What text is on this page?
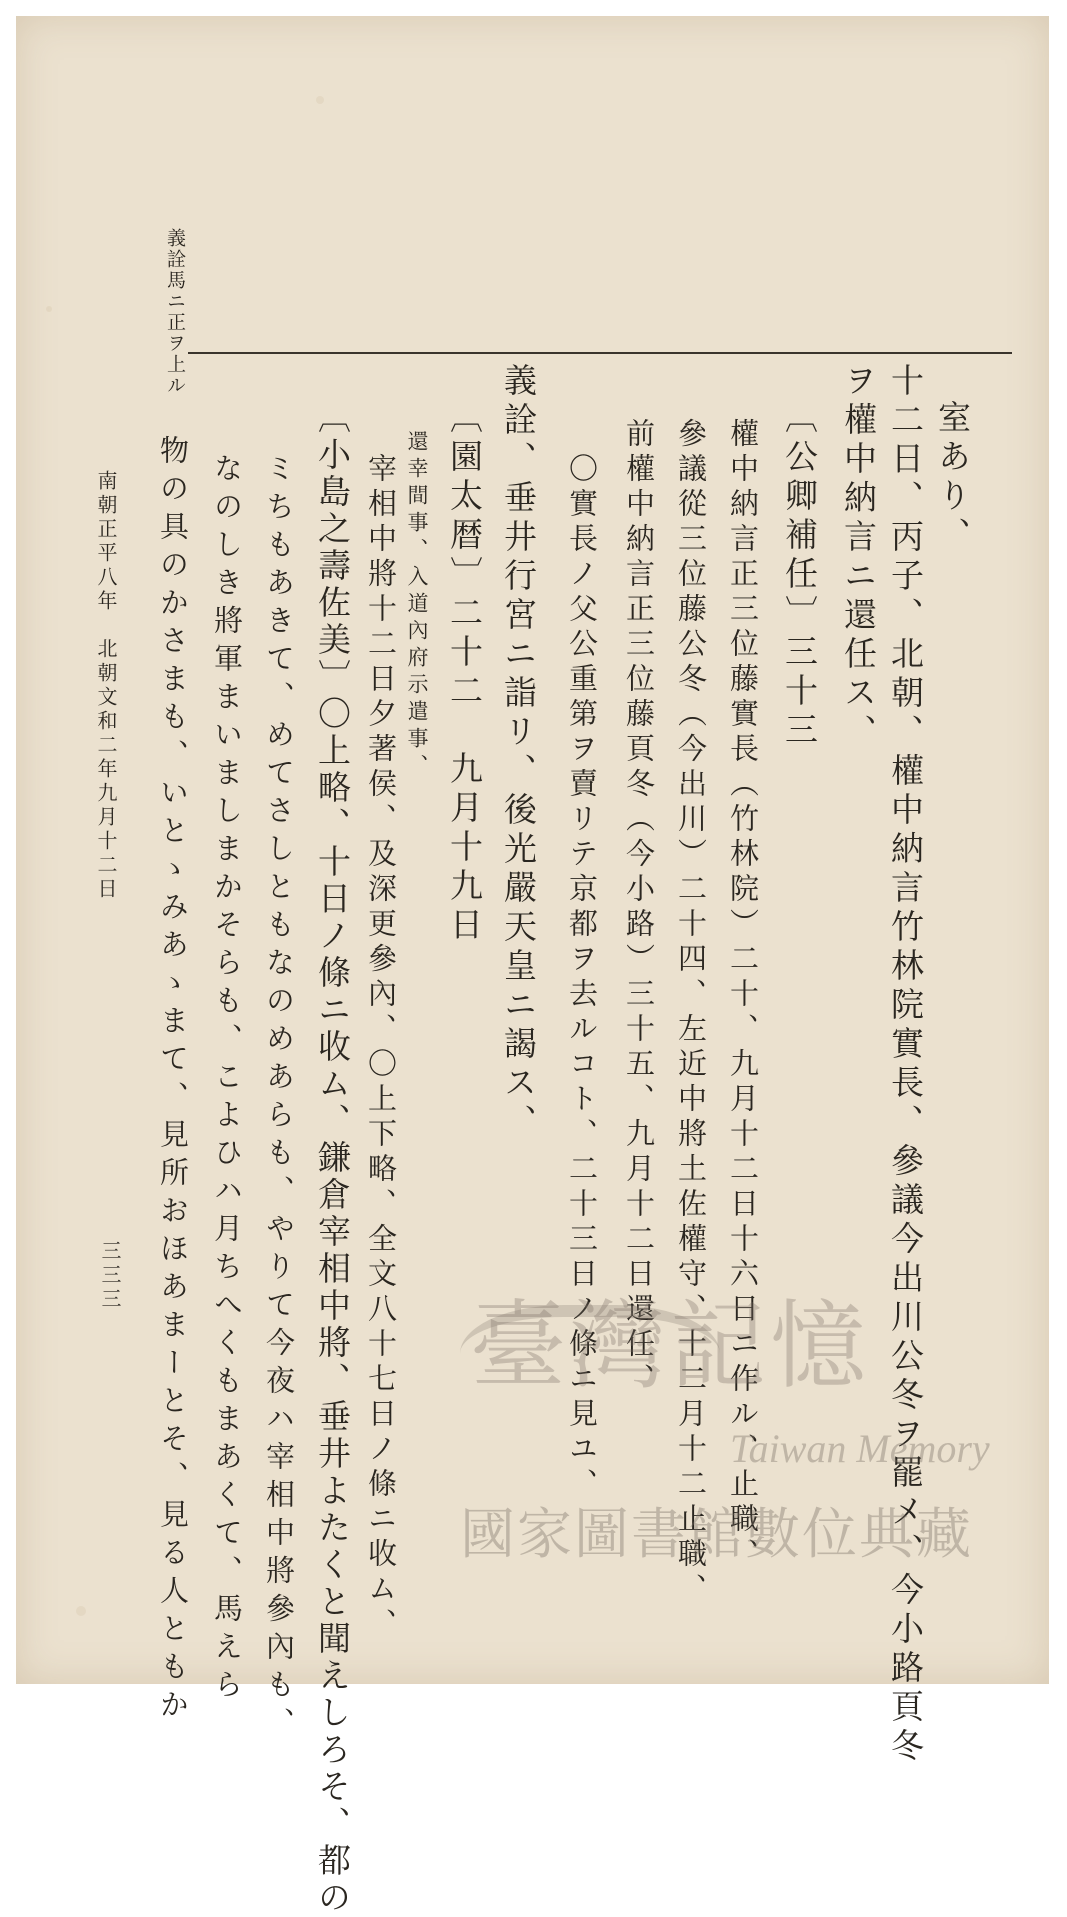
義詮馬ニ正ヲ上ル
室あり、
十二日、丙子、北朝、權中納言竹林院實長、參議今出川公冬ヲ罷メ、今小路頁冬
ヲ權中納言ニ還任ス、
〔公卿補任〕三十三
權中納言正三位藤實長（竹林院）二十、九月十二日十六日ニ作ル、止職、
參議從三位藤公冬（今出川）二十四、左近中將土佐權守、十二月十二止職、
前權中納言正三位藤頁冬（今小路）三十五、九月十二日還任、
〇實長ノ父公重第ヲ賣リテ京都ヲ去ルコト、二十三日ノ條ニ見ユ、
義詮、垂井行宮ニ詣リ、後光嚴天皇ニ謁ス、
〔園太暦〕二十二　九月十九日
還幸間事、入道內府示遣事、
宰相中將十二日夕著侯、及深更參內、〇上下略、全文八十七日ノ條ニ收ム、
〔小島之壽佐美〕〇上略、十日ノ條ニ收ム、鎌倉宰相中將、垂井よたくと聞えしろそ、都の
ミちもあきて、めてさしともなのめあらも、やりて今夜ハ宰相中將參內も、
なのしき將軍まいましまかそらも、こよひハ月ちへくもまあくて、馬えら
物の具のかさまも、いとゝみあゝまて、見所おほあまーとそ、見る人ともか
南朝正平八年　北朝文和二年九月十二日
三三三
臺灣記憶
Taiwan Memory
國家圖書館數位典藏
